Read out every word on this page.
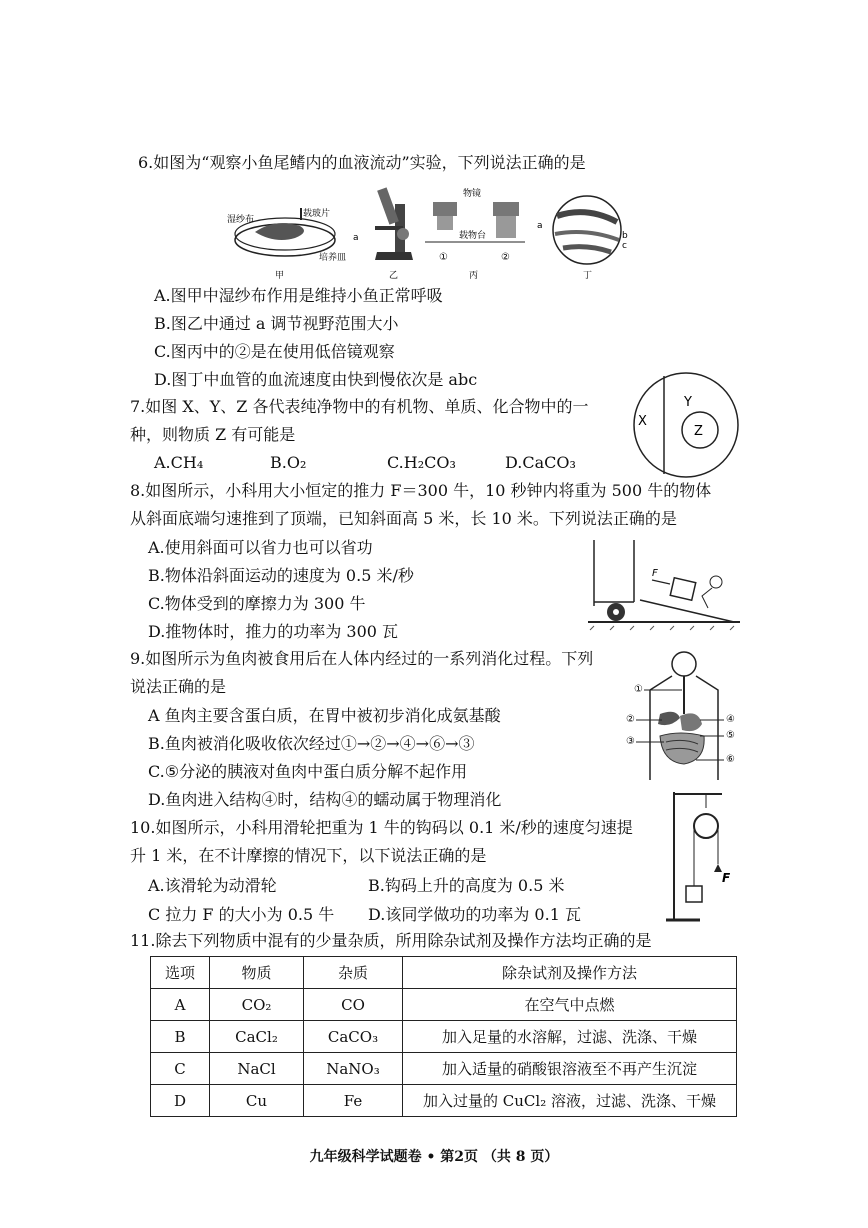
6.如图为“观察小鱼尾鳍内的血液流动”实验，下列说法正确的是
湿纱布
载玻片
培养皿
甲
a
乙
物镜
载物台
①	②
丙
a
b
c
丁
A.图甲中湿纱布作用是维持小鱼正常呼吸
B.图乙中通过 a 调节视野范围大小
C.图丙中的②是在使用低倍镜观察
D.图丁中血管的血流速度由快到慢依次是 abc
7.如图 X、Y、Z 各代表纯净物中的有机物、单质、化合物中的一
种，则物质 Z 有可能是
A.CH₄	B.O₂	C.H₂CO₃	D.CaCO₃
X
Y
Z
8.如图所示，小科用大小恒定的推力 F＝300 牛，10 秒钟内将重为 500 牛的物体
从斜面底端匀速推到了顶端，已知斜面高 5 米，长 10 米。下列说法正确的是
A.使用斜面可以省力也可以省功
B.物体沿斜面运动的速度为 0.5 米/秒
C.物体受到的摩擦力为 300 牛
D.推物体时，推力的功率为 300 瓦
F
9.如图所示为鱼肉被食用后在人体内经过的一系列消化过程。下列
说法正确的是
A 鱼肉主要含蛋白质，在胃中被初步消化成氨基酸
B.鱼肉被消化吸收依次经过①→②→④→⑥→③
C.⑤分泌的胰液对鱼肉中蛋白质分解不起作用
D.鱼肉进入结构④时，结构④的蠕动属于物理消化
①
②
③
④
⑤
⑥
10.如图所示，小科用滑轮把重为 1 牛的钩码以 0.1 米/秒的速度匀速提
升 1 米，在不计摩擦的情况下，以下说法正确的是
A.该滑轮为动滑轮	B.钩码上升的高度为 0.5 米
C 拉力 F 的大小为 0.5 牛 D.该同学做功的功率为 0.1 瓦
F
11.除去下列物质中混有的少量杂质，所用除杂试剂及操作方法均正确的是
选项	物质	杂质	除杂试剂及操作方法
A	CO₂	CO	在空气中点燃
B	CaCl₂	CaCO₃	加入足量的水溶解，过滤、洗涤、干燥
C	NaCl	NaNO₃	加入适量的硝酸银溶液至不再产生沉淀
D	Cu	Fe	加入过量的 CuCl₂ 溶液，过滤、洗涤、干燥
九年级科学试题卷 • 第2页 （共 8 页）
